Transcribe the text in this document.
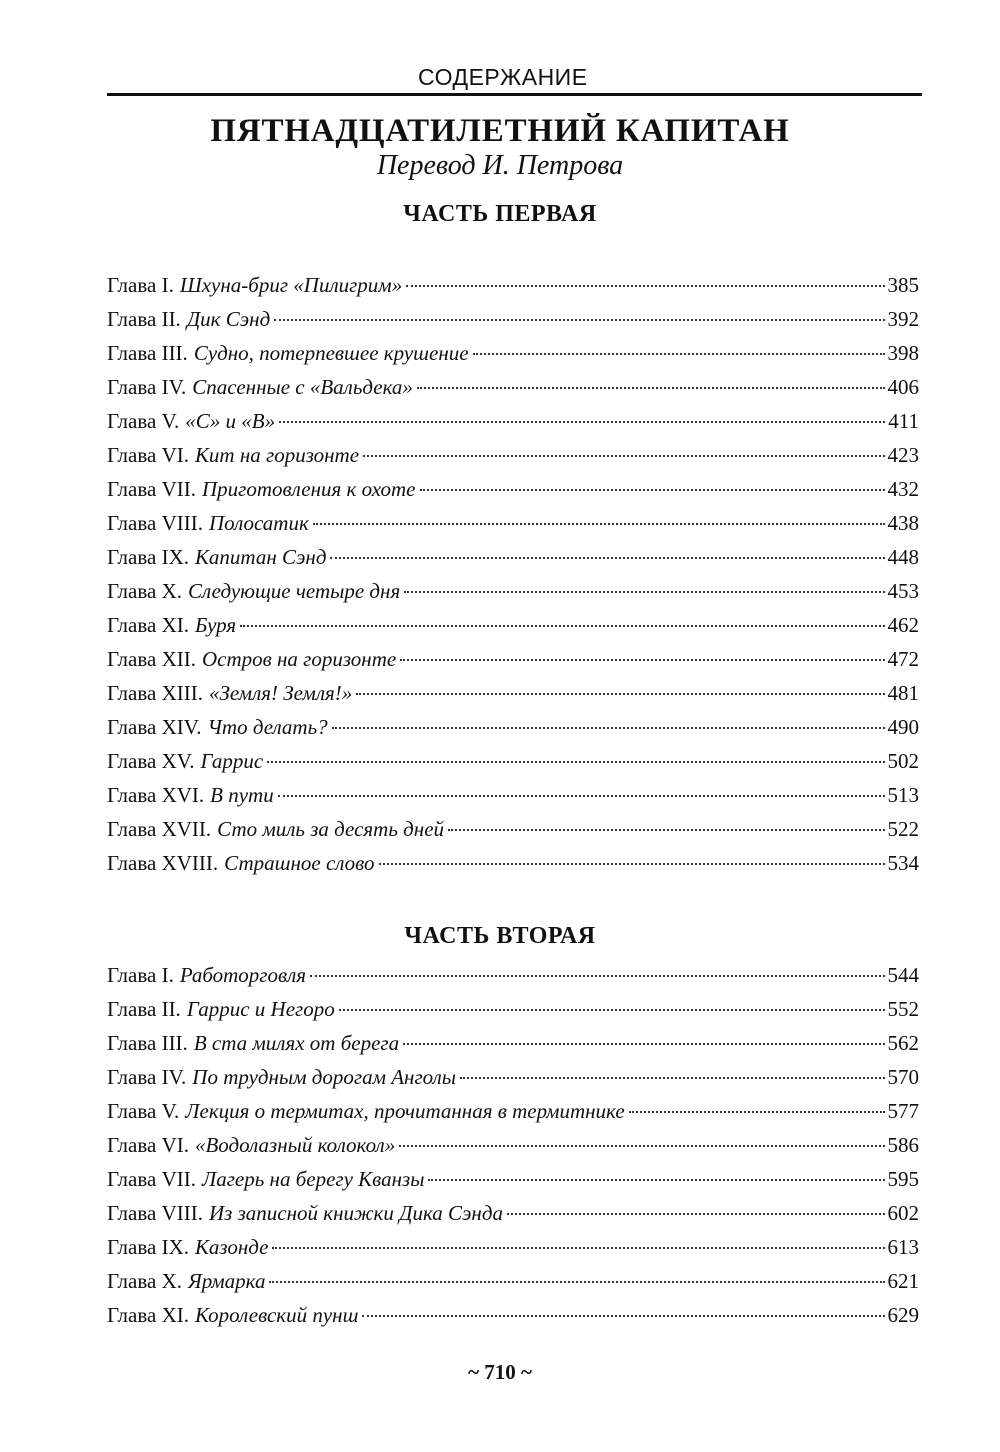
СОДЕРЖАНИЕ
ПЯТНАДЦАТИЛЕТНИЙ КАПИТАН
Перевод И. Петрова
ЧАСТЬ ПЕРВАЯ
Глава I. Шхуна-бриг «Пилигрим»	385
Глава II. Дик Сэнд	392
Глава III. Судно, потерпевшее крушение	398
Глава IV. Спасенные с «Вальдека»	406
Глава V. «С» и «В»	411
Глава VI. Кит на горизонте	423
Глава VII. Приготовления к охоте	432
Глава VIII. Полосатик	438
Глава IX. Капитан Сэнд	448
Глава X. Следующие четыре дня	453
Глава XI. Буря	462
Глава XII. Остров на горизонте	472
Глава XIII. «Земля! Земля!»	481
Глава XIV. Что делать?	490
Глава XV. Гаррис	502
Глава XVI. В пути	513
Глава XVII. Сто миль за десять дней	522
Глава XVIII. Страшное слово	534
ЧАСТЬ ВТОРАЯ
Глава I. Работорговля	544
Глава II. Гаррис и Негоро	552
Глава III. В ста милях от берега	562
Глава IV. По трудным дорогам Анголы	570
Глава V. Лекция о термитах, прочитанная в термитнике	577
Глава VI. «Водолазный колокол»	586
Глава VII. Лагерь на берегу Кванзы	595
Глава VIII. Из записной книжки Дика Сэнда	602
Глава IX. Казонде	613
Глава X. Ярмарка	621
Глава XI. Королевский пунш	629
~ 710 ~
